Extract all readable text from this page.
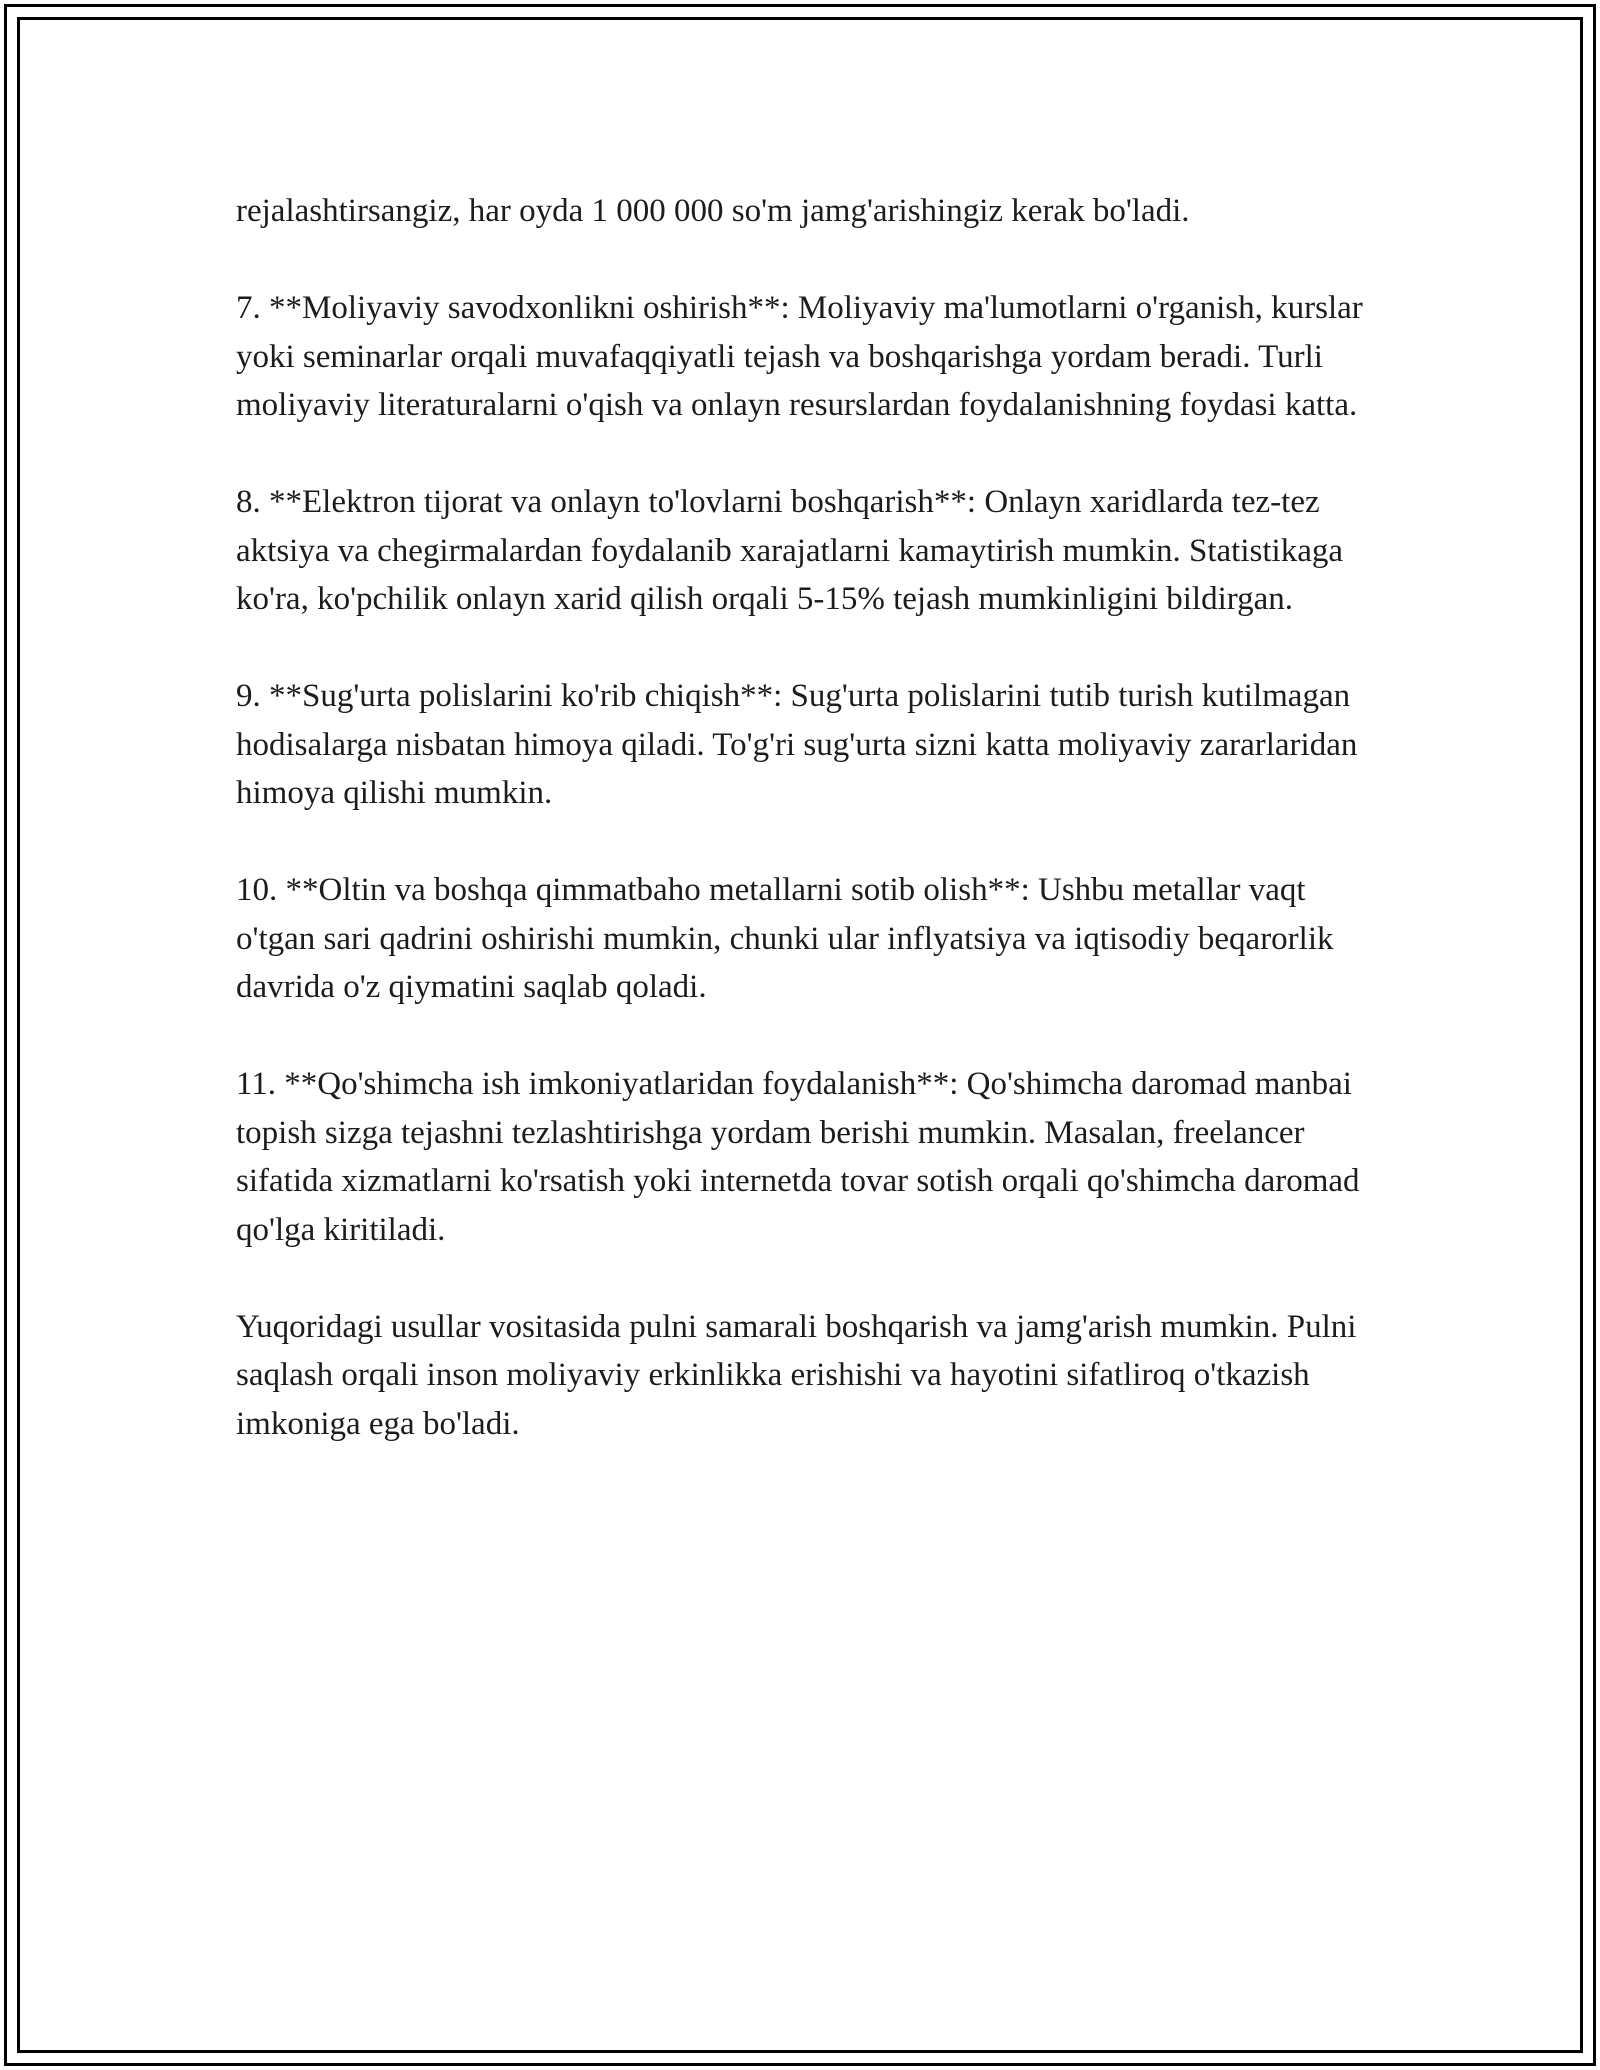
rejalashtirsangiz, har oyda 1 000 000 so'm jamg'arishingiz kerak bo'ladi.

7. **Moliyaviy savodxonlikni oshirish**: Moliyaviy ma'lumotlarni o'rganish, kurslar yoki seminarlar orqali muvafaqqiyatli tejash va boshqarishga yordam beradi. Turli moliyaviy literaturalarni o'qish va onlayn resurslardan foydalanishning foydasi katta.

8. **Elektron tijorat va onlayn to'lovlarni boshqarish**: Onlayn xaridlarda tez-tez aktsiya va chegirmalardan foydalanib xarajatlarni kamaytirish mumkin. Statistikaga ko'ra, ko'pchilik onlayn xarid qilish orqali 5-15% tejash mumkinligini bildirgan.

9. **Sug'urta polislarini ko'rib chiqish**: Sug'urta polislarini tutib turish kutilmagan hodisalarga nisbatan himoya qiladi. To'g'ri sug'urta sizni katta moliyaviy zararlaridan himoya qilishi mumkin.

10. **Oltin va boshqa qimmatbaho metallarni sotib olish**: Ushbu metallar vaqt o'tgan sari qadrini oshirishi mumkin, chunki ular inflyatsiya va iqtisodiy beqarorlik davrida o'z qiymatini saqlab qoladi.

11. **Qo'shimcha ish imkoniyatlaridan foydalanish**: Qo'shimcha daromad manbai topish sizga tejashni tezlashtirishga yordam berishi mumkin. Masalan, freelancer sifatida xizmatlarni ko'rsatish yoki internetda tovar sotish orqali qo'shimcha daromad qo'lga kiritiladi.

Yuqoridagi usullar vositasida pulni samarali boshqarish va jamg'arish mumkin. Pulni saqlash orqali inson moliyaviy erkinlikka erishishi va hayotini sifatliroq o'tkazish imkoniga ega bo'ladi.
